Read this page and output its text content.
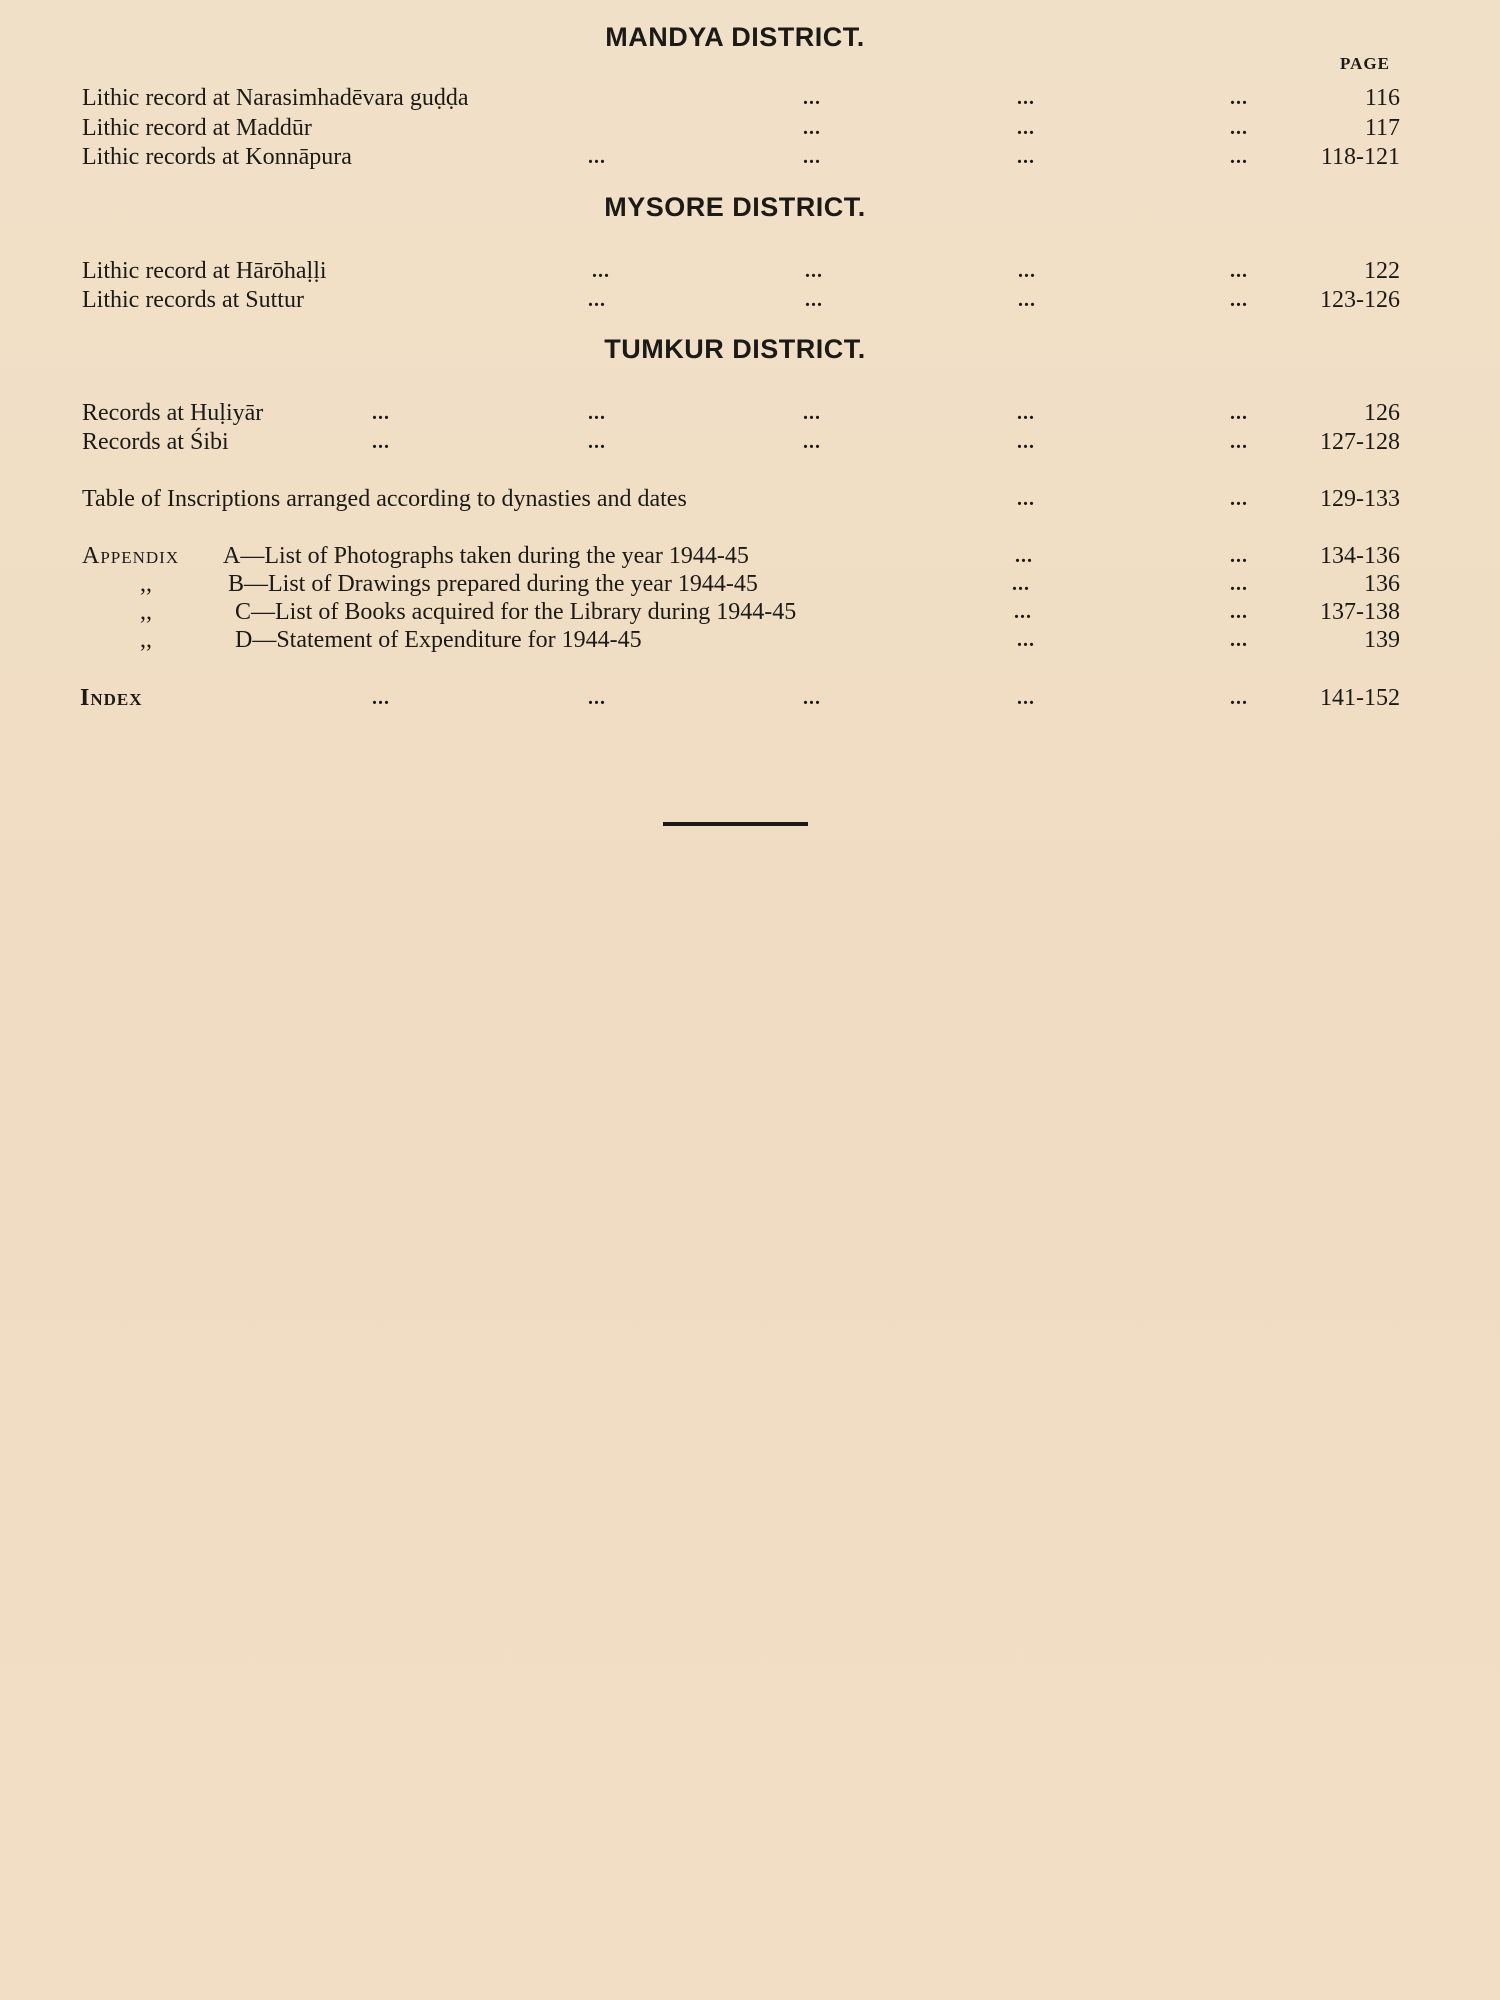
MANDYA DISTRICT.
PAGE
Lithic record at Narasimhadēvara guḍḍa	...	...	...	116
Lithic record at Maddūr	...	...	...	117
Lithic records at Konnāpura	...	...	...	...	118-121
MYSORE DISTRICT.
Lithic record at Hārōhaḷḷi	...	...	...	...	122
Lithic records at Suttur	...	...	...	...	123-126
TUMKUR DISTRICT.
Records at Huḷiyār	...	...	...	...	...	126
Records at Śibi	...	...	...	...	...	127-128
Table of Inscriptions arranged according to dynasties and dates	...	...	129-133
Appendix A—List of Photographs taken during the year 1944-45	...	...	134-136
,,	B—List of Drawings prepared during the year 1944-45	...	...	136
,,	C—List of Books acquired for the Library during 1944-45	...	...	137-138
,,	D—Statement of Expenditure for 1944-45	...	...	139
Index	...	...	...	...	...	141-152
